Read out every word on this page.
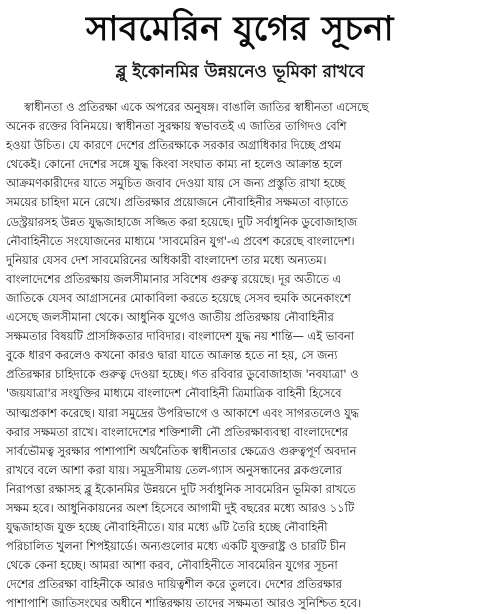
সাবমেরিন যুগের সূচনা
ব্লু ইকোনমির উন্নয়নেও ভূমিকা রাখবে
স্বাধীনতা ও প্রতিরক্ষা একে অপরের অনুষঙ্গ। বাঙালি জাতির স্বাধীনতা এসেছে
অনেক রক্তের বিনিময়ে। স্বাধীনতা সুরক্ষায় স্বভাবতই এ জাতির তাগিদও বেশি
হওয়া উচিত। যে কারণে দেশের প্রতিরক্ষাকে সরকার অগ্রাধিকার দিচ্ছে প্রথম
থেকেই। কোনো দেশের সঙ্গে যুদ্ধ কিংবা সংঘাত কাম্য না হলেও আক্রান্ত হলে
আক্রমণকারীদের যাতে সমুচিত জবাব দেওয়া যায় সে জন্য প্রস্তুতি রাখা হচ্ছে
সময়ের চাহিদা মনে রেখে। প্রতিরক্ষার প্রয়োজনে নৌবাহিনীর সক্ষমতা বাড়াতে
ডেস্ট্রয়ারসহ উন্নত যুদ্ধজাহাজে সজ্জিত করা হয়েছে। দুটি সর্বাধুনিক ডুবোজাহাজ
নৌবাহিনীতে সংযোজনের মাধ্যমে 'সাবমেরিন যুগ'-এ প্রবেশ করেছে বাংলাদেশ।
দুনিয়ার যেসব দেশ সাবমেরিনের অধিকারী বাংলাদেশ তার মধ্যে অন্যতম।
বাংলাদেশের প্রতিরক্ষায় জলসীমানার সবিশেষ গুরুত্ব রয়েছে। দূর অতীতে এ
জাতিকে যেসব আগ্রাসনের মোকাবিলা করতে হয়েছে সেসব হুমকি অনেকাংশে
এসেছে জলসীমানা থেকে। আধুনিক যুগেও জাতীয় প্রতিরক্ষায় নৌবাহিনীর
সক্ষমতার বিষয়টি প্রাসঙ্গিকতার দাবিদার। বাংলাদেশ যুদ্ধ নয় শান্তি— এই ভাবনা
বুকে ধারণ করলেও কখনো কারও দ্বারা যাতে আক্রান্ত হতে না হয়, সে জন্য
প্রতিরক্ষার চাহিদাকে গুরুত্ব দেওয়া হচ্ছে। গত রবিবার ডুবোজাহাজ 'নবযাত্রা' ও
'জয়যাত্রা'র সংযুক্তির মাধ্যমে বাংলাদেশ নৌবাহিনী ত্রিমাত্রিক বাহিনী হিসেবে
আত্মপ্রকাশ করেছে। যারা সমুদ্রের উপরিভাগে ও আকাশে এবং সাগরতলেও যুদ্ধ
করার সক্ষমতা রাখে। বাংলাদেশের শক্তিশালী নৌ প্রতিরক্ষাব্যবস্থা বাংলাদেশের
সার্বভৌমত্ব সুরক্ষার পাশাপাশি অর্থনৈতিক স্বাধীনতার ক্ষেত্রেও গুরুত্বপূর্ণ অবদান
রাখবে বলে আশা করা যায়। সমুদ্রসীমায় তেল-গ্যাস অনুসন্ধানের ব্লকগুলোর
নিরাপত্তা রক্ষাসহ ব্লু ইকোনমির উন্নয়নে দুটি সর্বাধুনিক সাবমেরিন ভূমিকা রাখতে
সক্ষম হবে। আধুনিকায়নের অংশ হিসেবে আগামী দুই বছরের মধ্যে আরও ১১টি
যুদ্ধজাহাজ যুক্ত হচ্ছে নৌবাহিনীতে। যার মধ্যে ৬টি তৈরি হচ্ছে নৌবাহিনী
পরিচালিত খুলনা শিপইয়ার্ডে। অন্যগুলোর মধ্যে একটি যুক্তরাষ্ট্র ও চারটি চীন
থেকে কেনা হচ্ছে। আমরা আশা করব, নৌবাহিনীতে সাবমেরিন যুগের সূচনা
দেশের প্রতিরক্ষা বাহিনীকে আরও দায়িত্বশীল করে তুলবে। দেশের প্রতিরক্ষার
পাশাপাশি জাতিসংঘের অধীনে শান্তিরক্ষায় তাদের সক্ষমতা আরও সুনিশ্চিত হবে।
